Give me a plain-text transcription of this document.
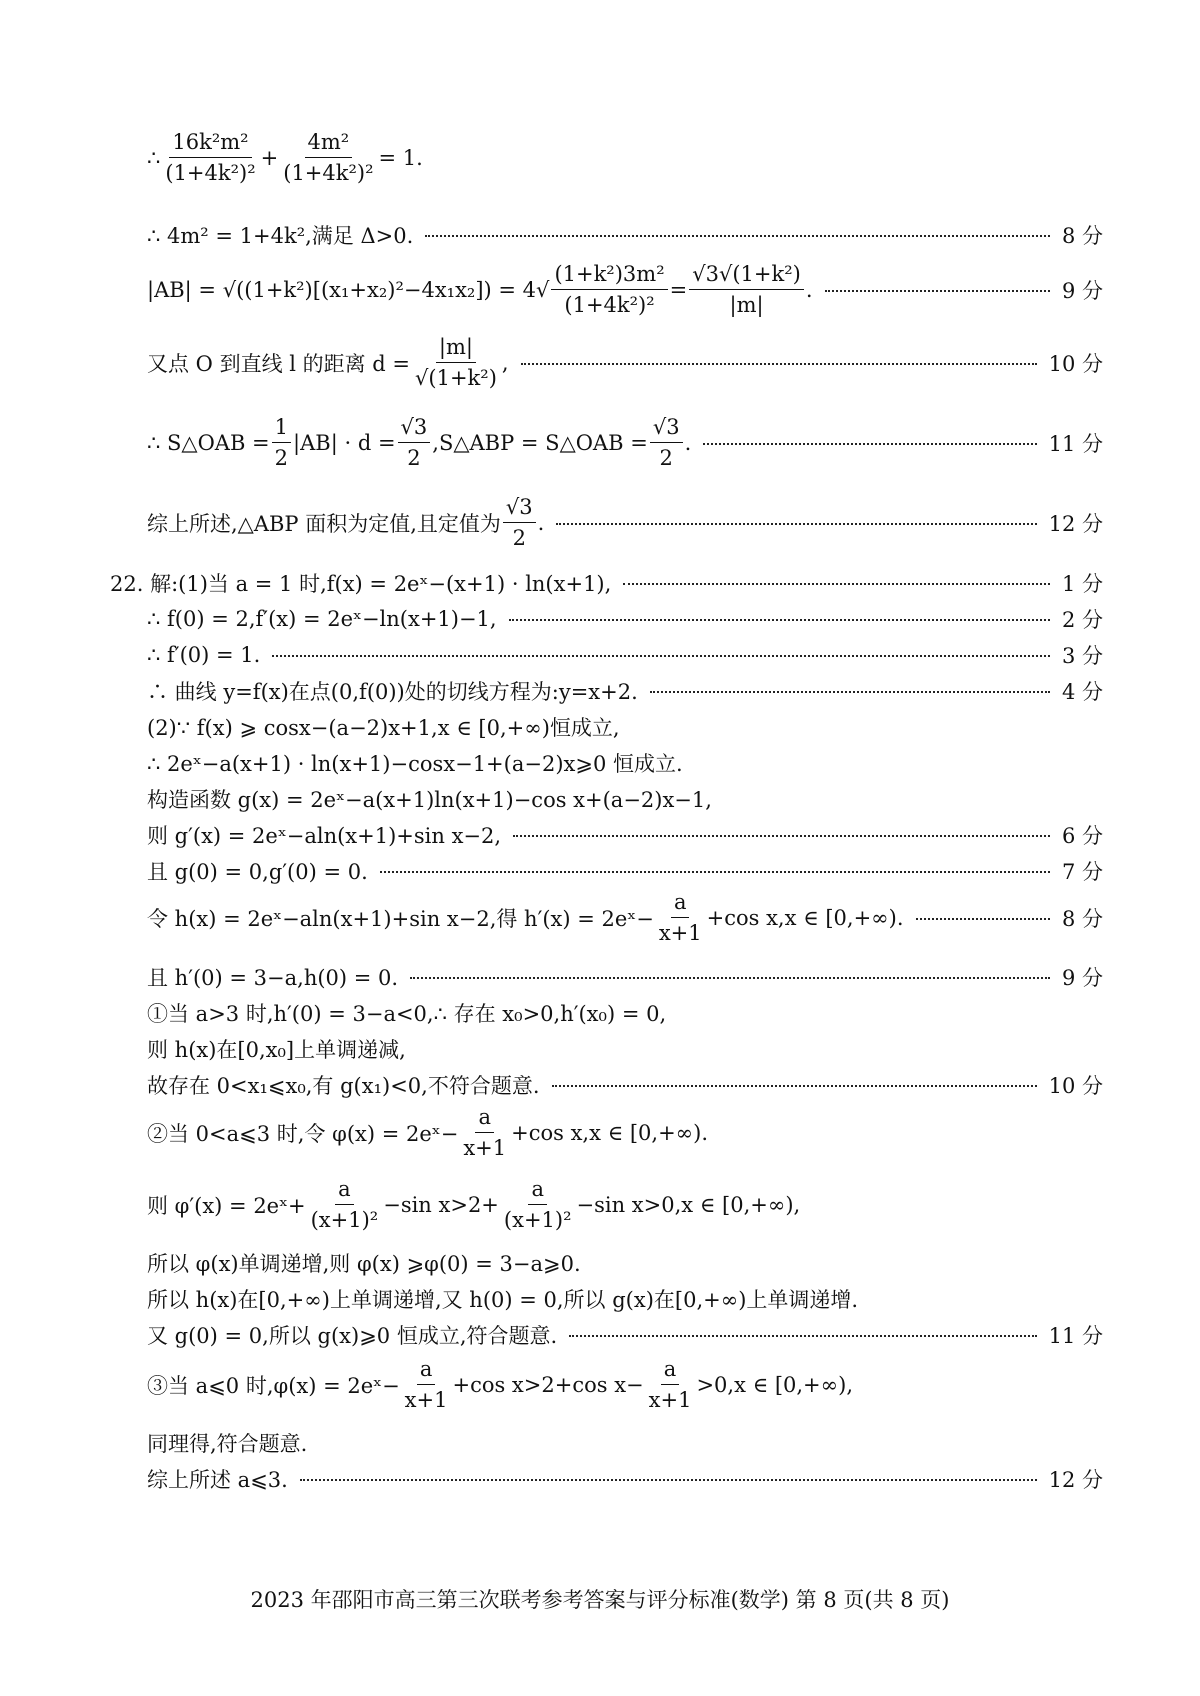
∴ $\frac{\text{16k²m²}}{\text{(1+4k²)²}} + \frac{\text{4m²}}{\text{(1+4k²)²}} = 1$.
∴ 4m² = 1+4k²,满足 Δ>0.	8 分
$|AB| = √((1+k^2)[(x_1+x_2)^2-4x_1x_2]) = 4√ \frac{\text{(1+k²)3m²}}{\text{(1+4k²)²}} = \frac{\text{√3√(1+k²)}}{|m|}$ .	9 分
又点 O 到直线 l 的距离 $d = \frac{|m|}{\text{√(1+k²)}}$ ,	10 分
∴ S△OAB = $\frac{1}{2} |AB| \cdot d = \frac{√3}{2}$ ,S△ABP = S△OAB = $\frac{√3}{2}$ .	11 分
综上所述,△ABP 面积为定值,且定值为 $\frac{√3}{2}$ .	12 分
22. 解:(1)当 a = 1 时,f(x) = 2eˣ−(x+1) · ln(x+1),	1 分
∴ f(0) = 2,f′(x) = 2eˣ−ln(x+1)−1,	2 分
∴ f′(0) = 1.	3 分
∴ 曲线 y=f(x)在点(0,f(0))处的切线方程为:y=x+2.	4 分
(2)∵ f(x) ⩾ cosx−(a−2)x+1,x ∈ [0,+∞)恒成立,
∴ 2eˣ−a(x+1) · ln(x+1)−cosx−1+(a−2)x⩾0 恒成立.
构造函数 g(x) = 2eˣ−a(x+1)ln(x+1)−cos x+(a−2)x−1,
则 g′(x) = 2eˣ−aln(x+1)+sin x−2,	6 分
且 g(0) = 0,g′(0) = 0.	7 分
令 h(x) = 2eˣ−aln(x+1)+sin x−2,得 h′(x) = 2eˣ− $\frac{a}{x+1} +\cos$ x,x ∈ [0,+∞).	8 分
且 h′(0) = 3−a,h(0) = 0.	9 分
①当 a>3 时,h′(0) = 3−a<0,∴ 存在 x₀>0,h′(x₀) = 0,
则 h(x)在[0,x₀]上单调递减,
故存在 0<x₁⩽x₀,有 g(x₁)<0,不符合题意.	10 分
②当 0<a⩽3 时,令 φ(x) = 2eˣ− $\frac{a}{x+1} +\cos$ x,x ∈ [0,+∞).
则 φ′(x) = 2eˣ+ $\frac{a}{\text{(x+1)²}} -\sin$ $x>2+ \frac{a}{\text{(x+1)²}} -\sin$ x>0,x ∈ [0,+∞),
所以 φ(x)单调递增,则 φ(x) ⩾φ(0) = 3−a⩾0.
所以 h(x)在[0,+∞)上单调递增,又 h(0) = 0,所以 g(x)在[0,+∞)上单调递增.
又 g(0) = 0,所以 g(x)⩾0 恒成立,符合题意.	11 分
③当 a⩽0 时,φ(x) = 2eˣ− $\frac{a}{x+1} +\cos$ x>2+cos $x- \frac{a}{x+1} >0,x$ ∈ [0,+∞),
同理得,符合题意.
综上所述 a⩽3.	12 分
2023 年邵阳市高三第三次联考参考答案与评分标准(数学) 第 8 页(共 8 页)
